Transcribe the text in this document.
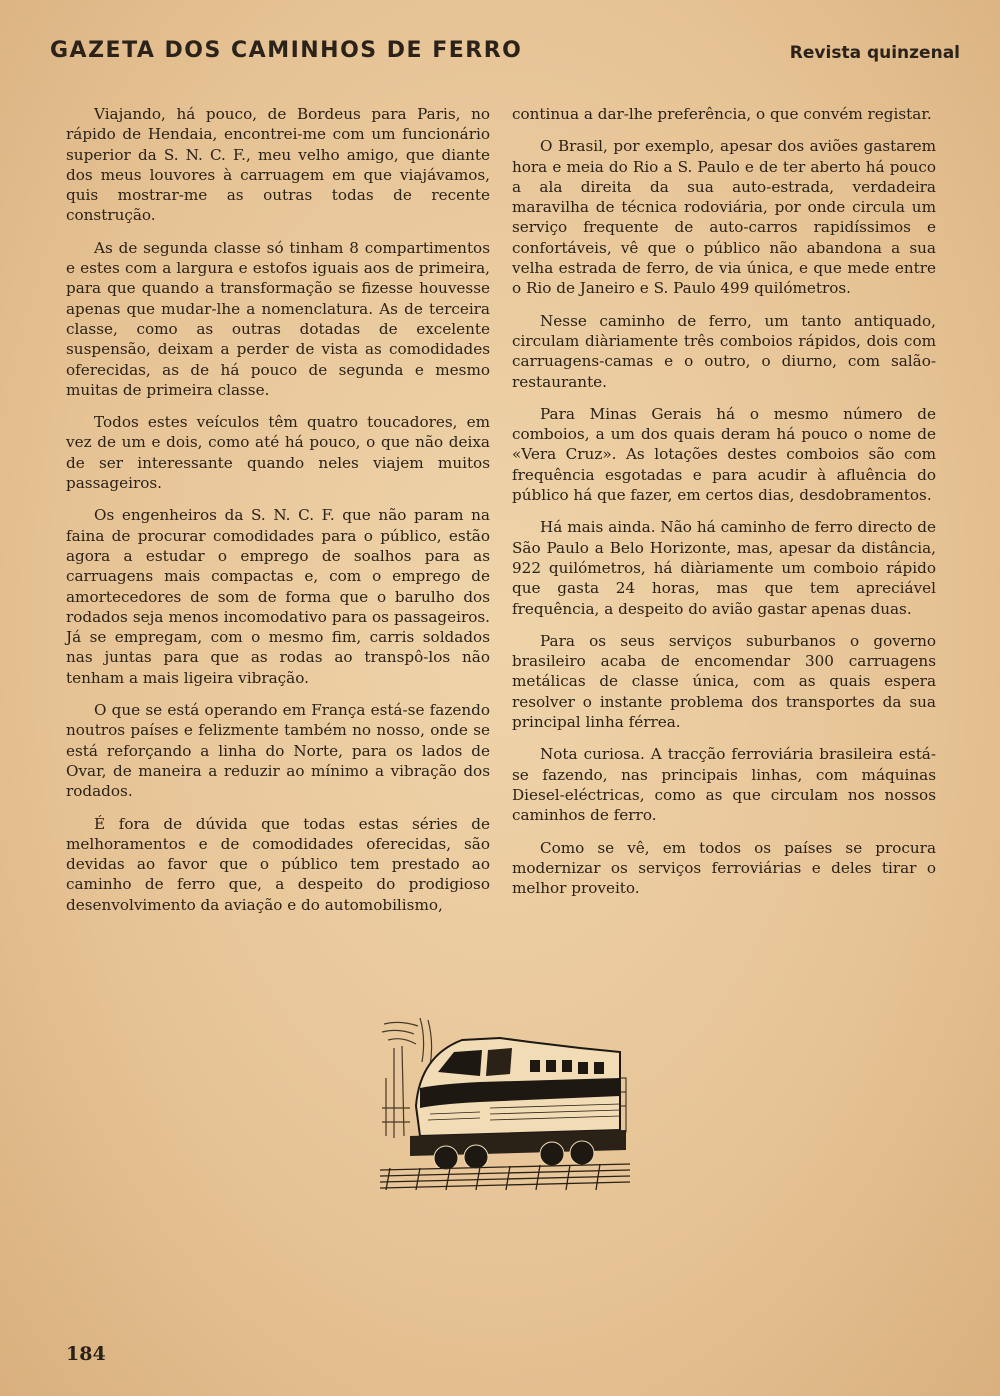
GAZETA DOS CAMINHOS DE FERRO	Revista quinzenal

Viajando, há pouco, de Bordeus para Paris, no rápido de Hendaia, encontrei-me com um funcionário superior da S. N. C. F., meu velho amigo, que diante dos meus louvores à carruagem em que viajávamos, quis mostrar-me as outras todas de recente construção.

As de segunda classe só tinham 8 compartimentos e estes com a largura e estofos iguais aos de primeira, para que quando a transformação se fizesse houvesse apenas que mudar-lhe a nomenclatura. As de terceira classe, como as outras dotadas de excelente suspensão, deixam a perder de vista as comodidades oferecidas, as de há pouco de segunda e mesmo muitas de primeira classe.

Todos estes veículos têm quatro toucadores, em vez de um e dois, como até há pouco, o que não deixa de ser interessante quando neles viajem muitos passageiros.

Os engenheiros da S. N. C. F. que não param na faina de procurar comodidades para o público, estão agora a estudar o emprego de soalhos para as carruagens mais compactas e, com o emprego de amortecedores de som de forma que o barulho dos rodados seja menos incomodativo para os passageiros. Já se empregam, com o mesmo fim, carris soldados nas juntas para que as rodas ao transpô-los não tenham a mais ligeira vibração.

O que se está operando em França está-se fazendo noutros países e felizmente também no nosso, onde se está reforçando a linha do Norte, para os lados de Ovar, de maneira a reduzir ao mínimo a vibração dos rodados.

É fora de dúvida que todas estas séries de melhoramentos e de comodidades oferecidas, são devidas ao favor que o público tem prestado ao caminho de ferro que, a despeito do prodigioso desenvolvimento da aviação e do automobilismo,

continua a dar-lhe preferência, o que convém registar.

O Brasil, por exemplo, apesar dos aviões gastarem hora e meia do Rio a S. Paulo e de ter aberto há pouco a ala direita da sua auto-estrada, verdadeira maravilha de técnica rodoviária, por onde circula um serviço frequente de auto-carros rapidíssimos e confortáveis, vê que o público não abandona a sua velha estrada de ferro, de via única, e que mede entre o Rio de Janeiro e S. Paulo 499 quilómetros.

Nesse caminho de ferro, um tanto antiquado, circulam diàriamente três comboios rápidos, dois com carruagens-camas e o outro, o diurno, com salão-restaurante.

Para Minas Gerais há o mesmo número de comboios, a um dos quais deram há pouco o nome de «Vera Cruz». As lotações destes comboios são com frequência esgotadas e para acudir à afluência do público há que fazer, em certos dias, desdobramentos.

Há mais ainda. Não há caminho de ferro directo de São Paulo a Belo Horizonte, mas, apesar da distância, 922 quilómetros, há diàriamente um comboio rápido que gasta 24 horas, mas que tem apreciável frequência, a despeito do avião gastar apenas duas.

Para os seus serviços suburbanos o governo brasileiro acaba de encomendar 300 carruagens metálicas de classe única, com as quais espera resolver o instante problema dos transportes da sua principal linha férrea.

Nota curiosa. A tracção ferroviária brasileira está-se fazendo, nas principais linhas, com máquinas Diesel-eléctricas, como as que circulam nos nossos caminhos de ferro.

Como se vê, em todos os países se procura modernizar os serviços ferroviárias e deles tirar o melhor proveito.

184
